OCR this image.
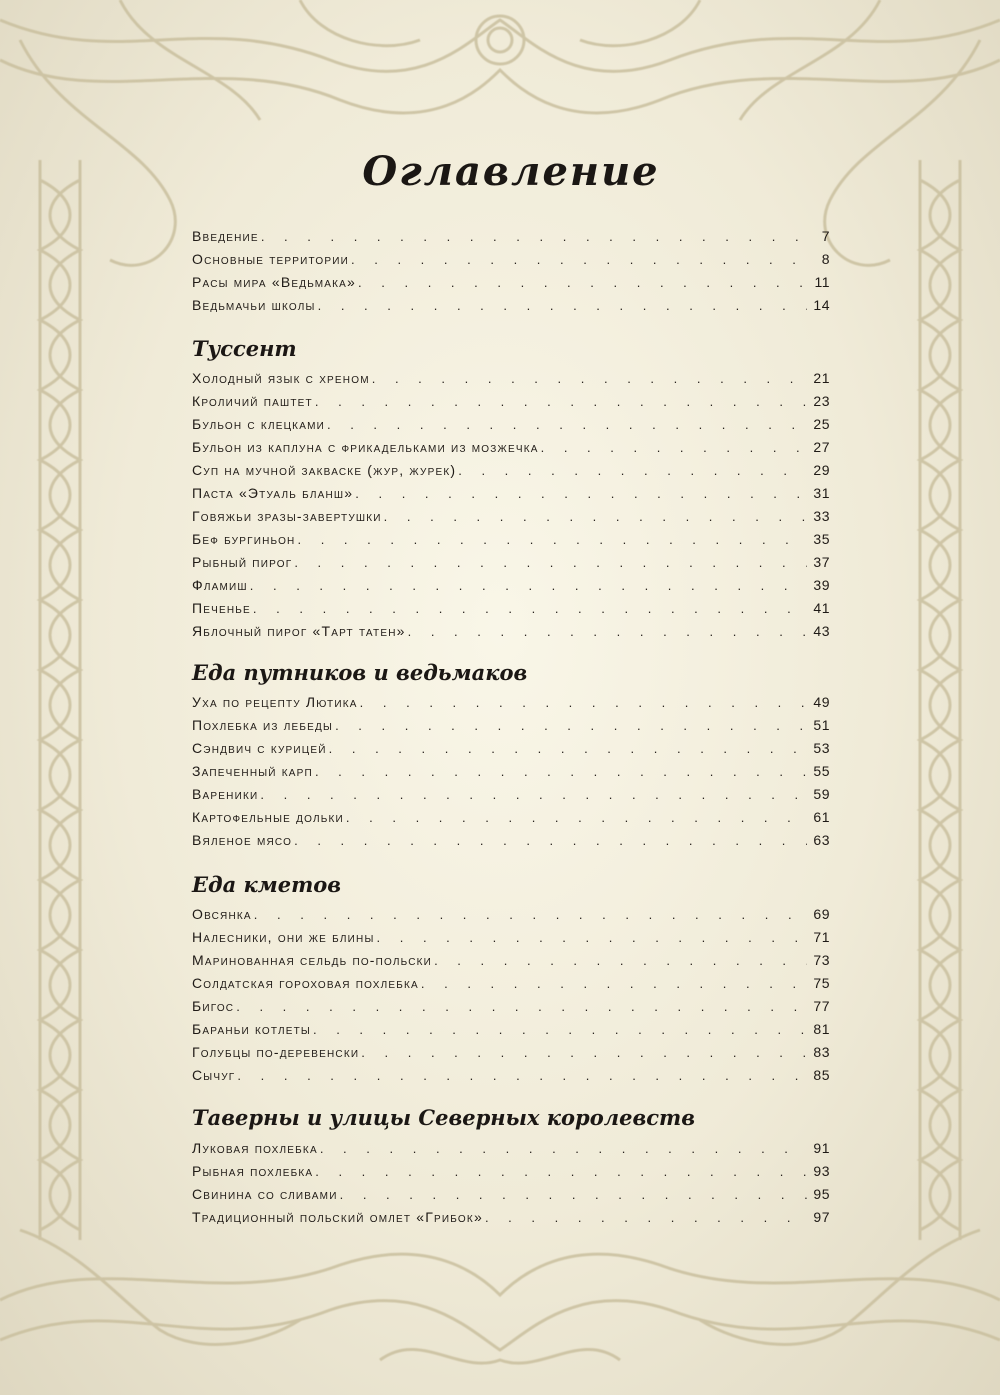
Оглавление
Введение . . .	7
Основные территории . . .	8
Расы мира «Ведьмака» . . .	11
Ведьмачьи школы . . .	14
Туссент
Холодный язык с хреном . . .	21
Кроличий паштет . . .	23
Бульон с клецками . . .	25
Бульон из каплуна с фрикадельками из мозжечка . . .	27
Суп на мучной закваске (жур, журек) . . .	29
Паста «Этуаль бланш» . . .	31
Говяжьи зразы-завертушки . . .	33
Беф бургиньон . . .	35
Рыбный пирог . . .	37
Фламиш . . .	39
Печенье . . .	41
Яблочный пирог «Тарт татен» . . .	43
Еда путников и ведьмаков
Уха по рецепту Лютика . . .	49
Похлебка из лебеды . . .	51
Сэндвич с курицей . . .	53
Запеченный карп . . .	55
Вареники . . .	59
Картофельные дольки . . .	61
Вяленое мясо . . .	63
Еда кметов
Овсянка . . .	69
Налесники, они же блины . . .	71
Маринованная сельдь по-польски . . .	73
Солдатская гороховая похлебка . . .	75
Бигос . . .	77
Бараньи котлеты . . .	81
Голубцы по-деревенски . . .	83
Сычуг . . .	85
Таверны и улицы Северных королевств
Луковая похлебка . . .	91
Рыбная похлебка . . .	93
Свинина со сливами . . .	95
Традиционный польский омлет «Грибок» . . .	97
